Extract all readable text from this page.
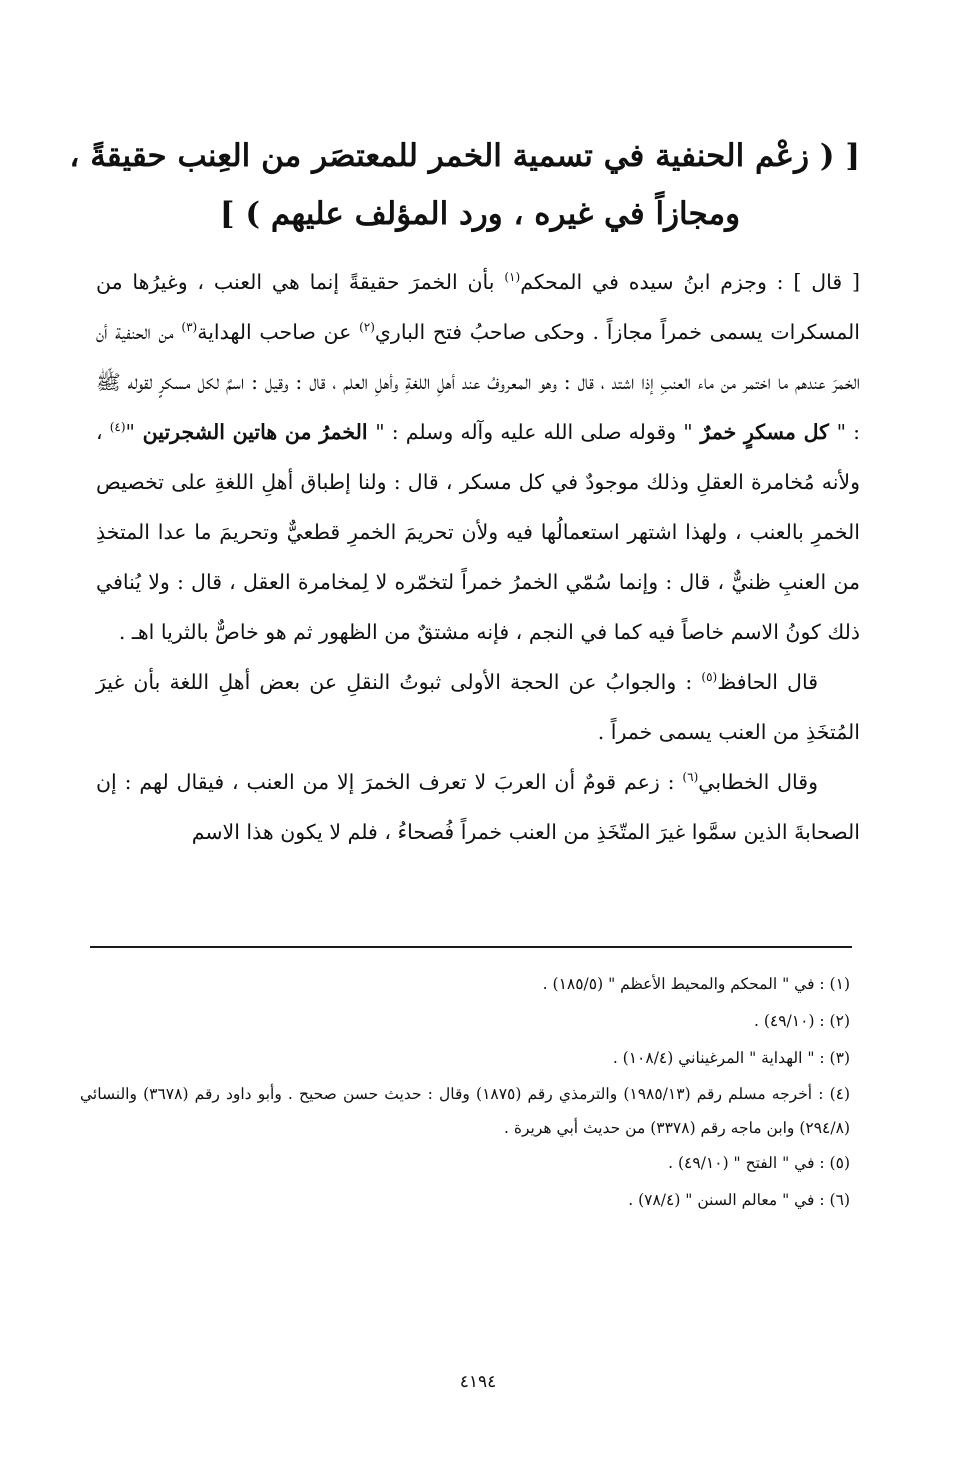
[ ( زعْم الحنفية في تسمية الخمر للمعتصَر من العِنب حقيقةً ،
ومجازاً في غيره ، ورد المؤلف عليهم ) ]

[ قال ] : وجزم ابنُ سيده في المحكم$^{(١)}$ بأن الخمرَ حقيقةً إنما هي العنب ، وغيرُها من المسكرات يسمى خمراً مجازاً . وحكى صاحبُ فتح الباري$^{(٢)}$ عن صاحب الهداية$^{(٣)}$ من الحنفية أن الخمرَ عندهم ما اختمر من ماء العنبِ إذا اشتد ، قال : وهو المعروفُ عند أهلِ اللغةِ وأهلِ العلم ، قال : وقيل : اسمٌ لكل مسكرٍ لقوله ﷺ : " كل مسكرٍ خمرٌ " وقوله صلى الله عليه وآله وسلم : " الخمرُ من هاتين الشجرتين "$^{(٤)}$ ، ولأنه مُخامرة العقلِ وذلك موجودٌ في كل مسكر ، قال : ولنا إطباق أهلِ اللغةِ على تخصيص الخمرِ بالعنب ، ولهذا اشتهر استعمالُها فيه ولأن تحريمَ الخمرِ قطعيٌّ وتحريمَ ما عدا المتخذِ من العنبِ ظنيٌّ ، قال : وإنما سُمّي الخمرُ خمراً لتخمّره لا لِمخامرة العقل ، قال : ولا يُنافي ذلك كونُ الاسم خاصاً فيه كما في النجم ، فإنه مشتقٌ من الظهور ثم هو خاصٌّ بالثريا اهـ .

قال الحافظ$^{(٥)}$ : والجوابُ عن الحجة الأولى ثبوتُ النقلِ عن بعض أهلِ اللغة بأن غيرَ المُتخَذِ من العنب يسمى خمراً .

وقال الخطابي$^{(٦)}$ : زعم قومٌ أن العربَ لا تعرف الخمرَ إلا من العنب ، فيقال لهم : إن الصحابةَ الذين سمَّوا غيرَ المتّخَذِ من العنب خمراً فُصحاءُ ، فلم لا يكون هذا الاسم

(١) : في " المحكم والمحيط الأعظم " (١٨٥/٥) .

(٢) : (٤٩/١٠) .

(٣) : " الهداية " المرغيناني (١٠٨/٤) .

(٤) : أخرجه مسلم رقم (١٩٨٥/١٣) والترمذي رقم (١٨٧٥) وقال : حديث حسن صحيح . وأبو داود رقم (٣٦٧٨) والنسائي (٢٩٤/٨) وابن ماجه رقم (٣٣٧٨) من حديث أبي هريرة .

(٥) : في " الفتح " (٤٩/١٠) .

(٦) : في " معالم السنن " (٧٨/٤) .

٤١٩٤
